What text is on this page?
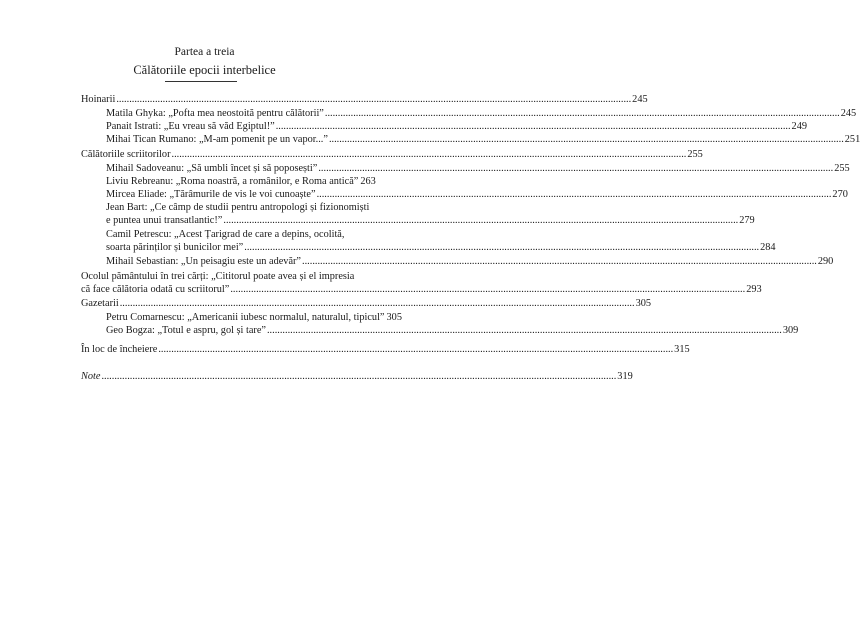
Partea a treia
Călătoriile epocii interbelice
Hoinarii .....	245
Matila Ghyka: „Pofta mea neostoită pentru călătorii” .....	245
Panait Istrati: „Eu vreau să văd Egiptul!” .....	249
Mihai Tican Rumano: „M-am pomenit pe un vapor...” .....	251
Călătoriile scriitorilor .....	255
Mihail Sadoveanu: „Să umbli încet și să poposești” .....	255
Liviu Rebreanu: „Roma noastră, a românilor, e Roma antică” 263
Mircea Eliade: „Tărâmurile de vis le voi cunoaște” .....	270
Jean Bart: „Ce câmp de studii pentru antropologi și fizionomiști
e puntea unui transatlantic!” .....	279
Camil Petrescu: „Acest Țarigrad de care a depins, ocolită,
soarta părinților și bunicilor mei” .....	284
Mihail Sebastian: „Un peisagiu este un adevăr” .....	290
Ocolul pământului în trei cărți: „Cititorul poate avea și el impresia
că face călătoria odată cu scriitorul” .....	293
Gazetarii .....	305
Petru Comarnescu: „Americanii iubesc normalul, naturalul, tipicul” 305
Geo Bogza: „Totul e aspru, gol și tare” .....	309
În loc de încheiere .....	315
Note .....	319
